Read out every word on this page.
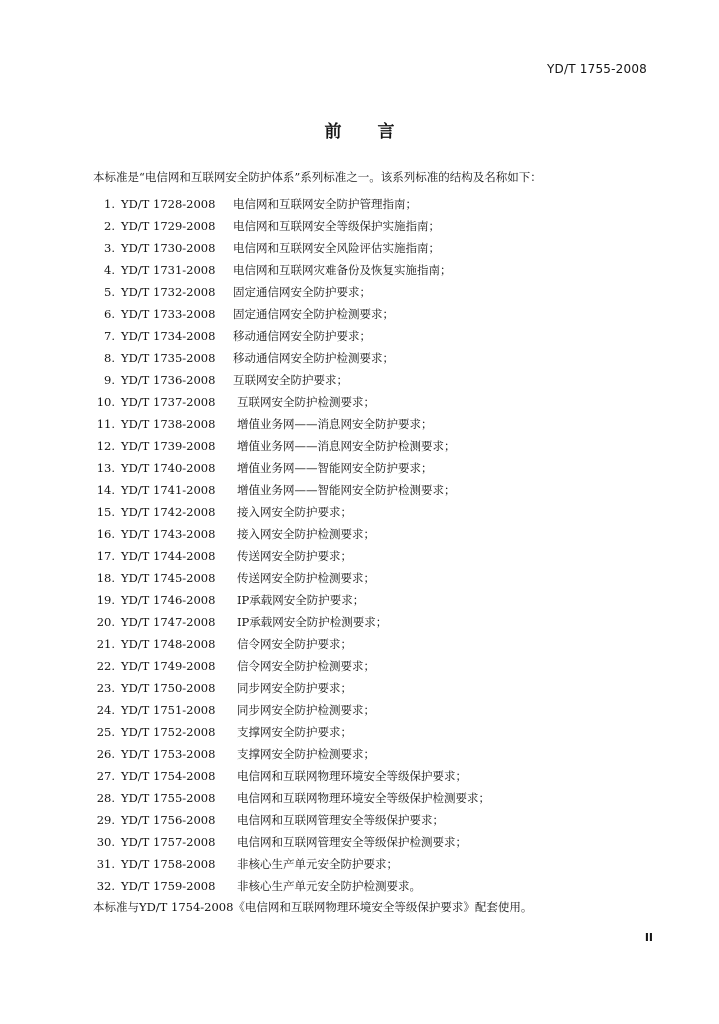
YD/T 1755-2008
前言
本标准是“电信网和互联网安全防护体系”系列标准之一。该系列标准的结构及名称如下：
1. YD/T 1728-2008	电信网和互联网安全防护管理指南；
2. YD/T 1729-2008	电信网和互联网安全等级保护实施指南；
3. YD/T 1730-2008	电信网和互联网安全风险评估实施指南；
4. YD/T 1731-2008	电信网和互联网灾难备份及恢复实施指南；
5. YD/T 1732-2008	固定通信网安全防护要求；
6. YD/T 1733-2008	固定通信网安全防护检测要求；
7. YD/T 1734-2008	移动通信网安全防护要求；
8. YD/T 1735-2008	移动通信网安全防护检测要求；
9. YD/T 1736-2008	互联网安全防护要求；
10. YD/T 1737-2008	互联网安全防护检测要求；
11. YD/T 1738-2008	增值业务网——消息网安全防护要求；
12. YD/T 1739-2008	增值业务网——消息网安全防护检测要求；
13. YD/T 1740-2008	增值业务网——智能网安全防护要求；
14. YD/T 1741-2008	增值业务网——智能网安全防护检测要求；
15. YD/T 1742-2008	接入网安全防护要求；
16. YD/T 1743-2008	接入网安全防护检测要求；
17. YD/T 1744-2008	传送网安全防护要求；
18. YD/T 1745-2008	传送网安全防护检测要求；
19. YD/T 1746-2008	IP承载网安全防护要求；
20. YD/T 1747-2008	IP承载网安全防护检测要求；
21. YD/T 1748-2008	信令网安全防护要求；
22. YD/T 1749-2008	信令网安全防护检测要求；
23. YD/T 1750-2008	同步网安全防护要求；
24. YD/T 1751-2008	同步网安全防护检测要求；
25. YD/T 1752-2008	支撑网安全防护要求；
26. YD/T 1753-2008	支撑网安全防护检测要求；
27. YD/T 1754-2008	电信网和互联网物理环境安全等级保护要求；
28. YD/T 1755-2008	电信网和互联网物理环境安全等级保护检测要求；
29. YD/T 1756-2008	电信网和互联网管理安全等级保护要求；
30. YD/T 1757-2008	电信网和互联网管理安全等级保护检测要求；
31. YD/T 1758-2008	非核心生产单元安全防护要求；
32. YD/T 1759-2008	非核心生产单元安全防护检测要求。
本标准与YD/T 1754-2008《电信网和互联网物理环境安全等级保护要求》配套使用。
II
